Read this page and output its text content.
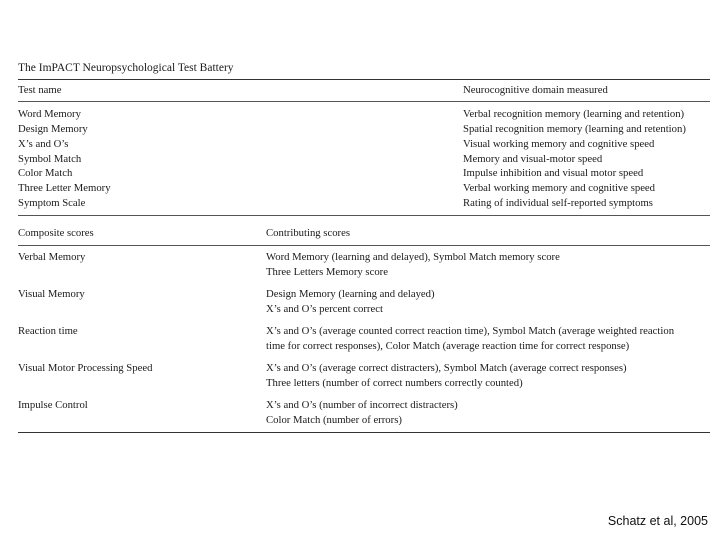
The ImPACT Neuropsychological Test Battery
Test name	Neurocognitive domain measured
Word Memory	Verbal recognition memory (learning and retention)
Design Memory	Spatial recognition memory (learning and retention)
X’s and O’s	Visual working memory and cognitive speed
Symbol Match	Memory and visual-motor speed
Color Match	Impulse inhibition and visual motor speed
Three Letter Memory	Verbal working memory and cognitive speed
Symptom Scale	Rating of individual self-reported symptoms
Composite scores	Contributing scores
Verbal Memory	Word Memory (learning and delayed), Symbol Match memory score
Three Letters Memory score
Visual Memory	Design Memory (learning and delayed)
X’s and O’s percent correct
Reaction time	X’s and O’s (average counted correct reaction time), Symbol Match (average weighted reaction
time for correct responses), Color Match (average reaction time for correct response)
Visual Motor Processing Speed	X’s and O’s (average correct distracters), Symbol Match (average correct responses)
Three letters (number of correct numbers correctly counted)
Impulse Control	X’s and O’s (number of incorrect distracters)
Color Match (number of errors)
Schatz et al, 2005
